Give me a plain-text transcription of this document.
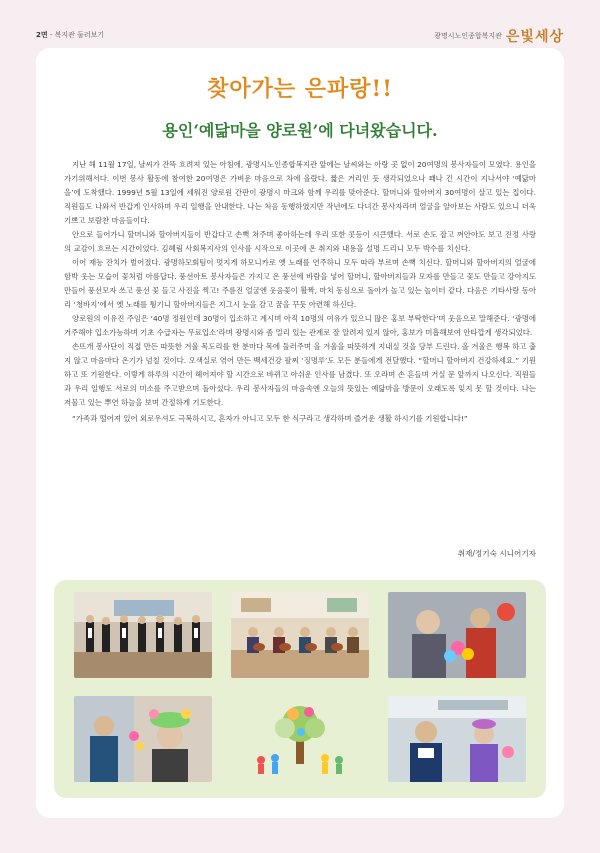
2면 - 복지관 둘러보기	광명시노인종합복지관 은빛세상
찾아가는 은파랑!!
용인‘예닮마을 양로원’에 다녀왔습니다.

지난 해 11월 17일, 날씨가 잔뜩 흐려져 있는 아침에, 광명시노인종합복지관 앞에는 날씨와는 아랑 곳 없이 20여명의 봉사자들이 모였다. 용인을 가기위해서다. 이번 봉사 활동에 참여한 20여명은 가벼운 마음으로 차에 올랐다. 짧은 거리인 듯 생각되었으나 꽤나 긴 시간이 지나서야 ‘예닮마을’에 도착했다. 1999년 5월 13일에 세워진 양로원 간판이 광명시 마크와 함께 우리를 맞아준다. 할머니와 할아버지 30여명이 살고 있는 집이다. 직원들도 나와서 반갑게 인사하며 우리 일행을 안내한다. 나는 처음 동행하였지만 작년에도 다녀간 봉사자라며 얼굴을 알아보는 사람도 있으니 더욱 기쁘고 보람찬 마음들이다.

안으로 들어가니 할머니와 할아버지들이 반갑다고 손뼉 쳐주며 좋아하는데 우리 또한 콧등이 시큰했다. 서로 손도 잡고 껴안아도 보고 진정 사랑의 교감이 흐르는 시간이었다. 김혜림 사회복지사의 인사를 시작으로 이곳에 온 취지와 내용을 설명 드리니 모두 박수를 치신다.

이어 재능 잔치가 벌어졌다. 광명하모회팀이 멋지게 하모니카로 옛 노래를 연주하니 모두 따라 부르며 손뼉 치신다. 할머니와 할아버지의 얼굴에 함박 웃는 모습이 꽃처럼 아름답다. 풍선아트 봉사자들은 가지고 온 풍선에 바람을 넣어 할머니, 할아버지들과 모자를 만들고 꽃도 만들고 강아지도 만들어 풍선모자 쓰고 풍선 꽃 들고 사진을 찍고! 주름진 얼굴엔 웃음꽃이 활짝, 마치 동심으로 돌아가 놀고 있는 놀이터 같다. 다음은 기타사랑 동아리 ‘청바지’에서 옛 노래를 튕기니 할아버지들은 지그시 눈을 감고 꿈을 꾸듯 아련해 하신다.

양로원의 이유진 주임은 ‘40명 정원인데 30명이 입소하고 계시며 아직 10명의 여유가 있으니 많은 홍보 부탁한다’며 웃음으로 말해준다. ‘광명에 거주해야 입소가능하며 기초 수급자는 무료입소’라며 광명시와 좀 멀리 있는 관계로 잘 알려져 있지 않아, 홍보가 미흡해보여 안타깝게 생각되었다.

손뜨개 봉사단이 직접 만든 따뜻한 겨울 목도리를 한 분마다 목에 둘러주며 올 겨울을 따뜻하게 지내실 것을 당부 드린다. 올 겨울은 행복 하고 춥지 않고 마음마다 온기가 넘칠 것이다. 오색실로 엮어 만든 백세건강 팔찌 ‘징명루’도 모든 분들에게 전달했다. “할머니 할아버지 건강하세요.” 기원하고 또 기원한다. 이렇게 하루의 시간이 헤어져야 할 시간으로 바뀌고 아쉬운 인사를 남겼다. 또 오라며 손 흔들며 거실 문 앞까지 나오신다. 직원들과 우리 일행도 서로의 미소를 주고받으며 돌아섰다. 우리 봉사자들의 마음속엔 오늘의 뜻있는 예닮마을 방문이 오래도록 잊지 못 할 것이다. 나는 저물고 있는 뿌연 하늘을 보며 간절하게 기도한다.

“가족과 떨어져 있어 외로우셔도 극복하시고, 혼자가 아니고 모두 한 식구라고 생각하며 즐거운 생활 하시기를 기원합니다!”

취재/정기숙 시니어기자
